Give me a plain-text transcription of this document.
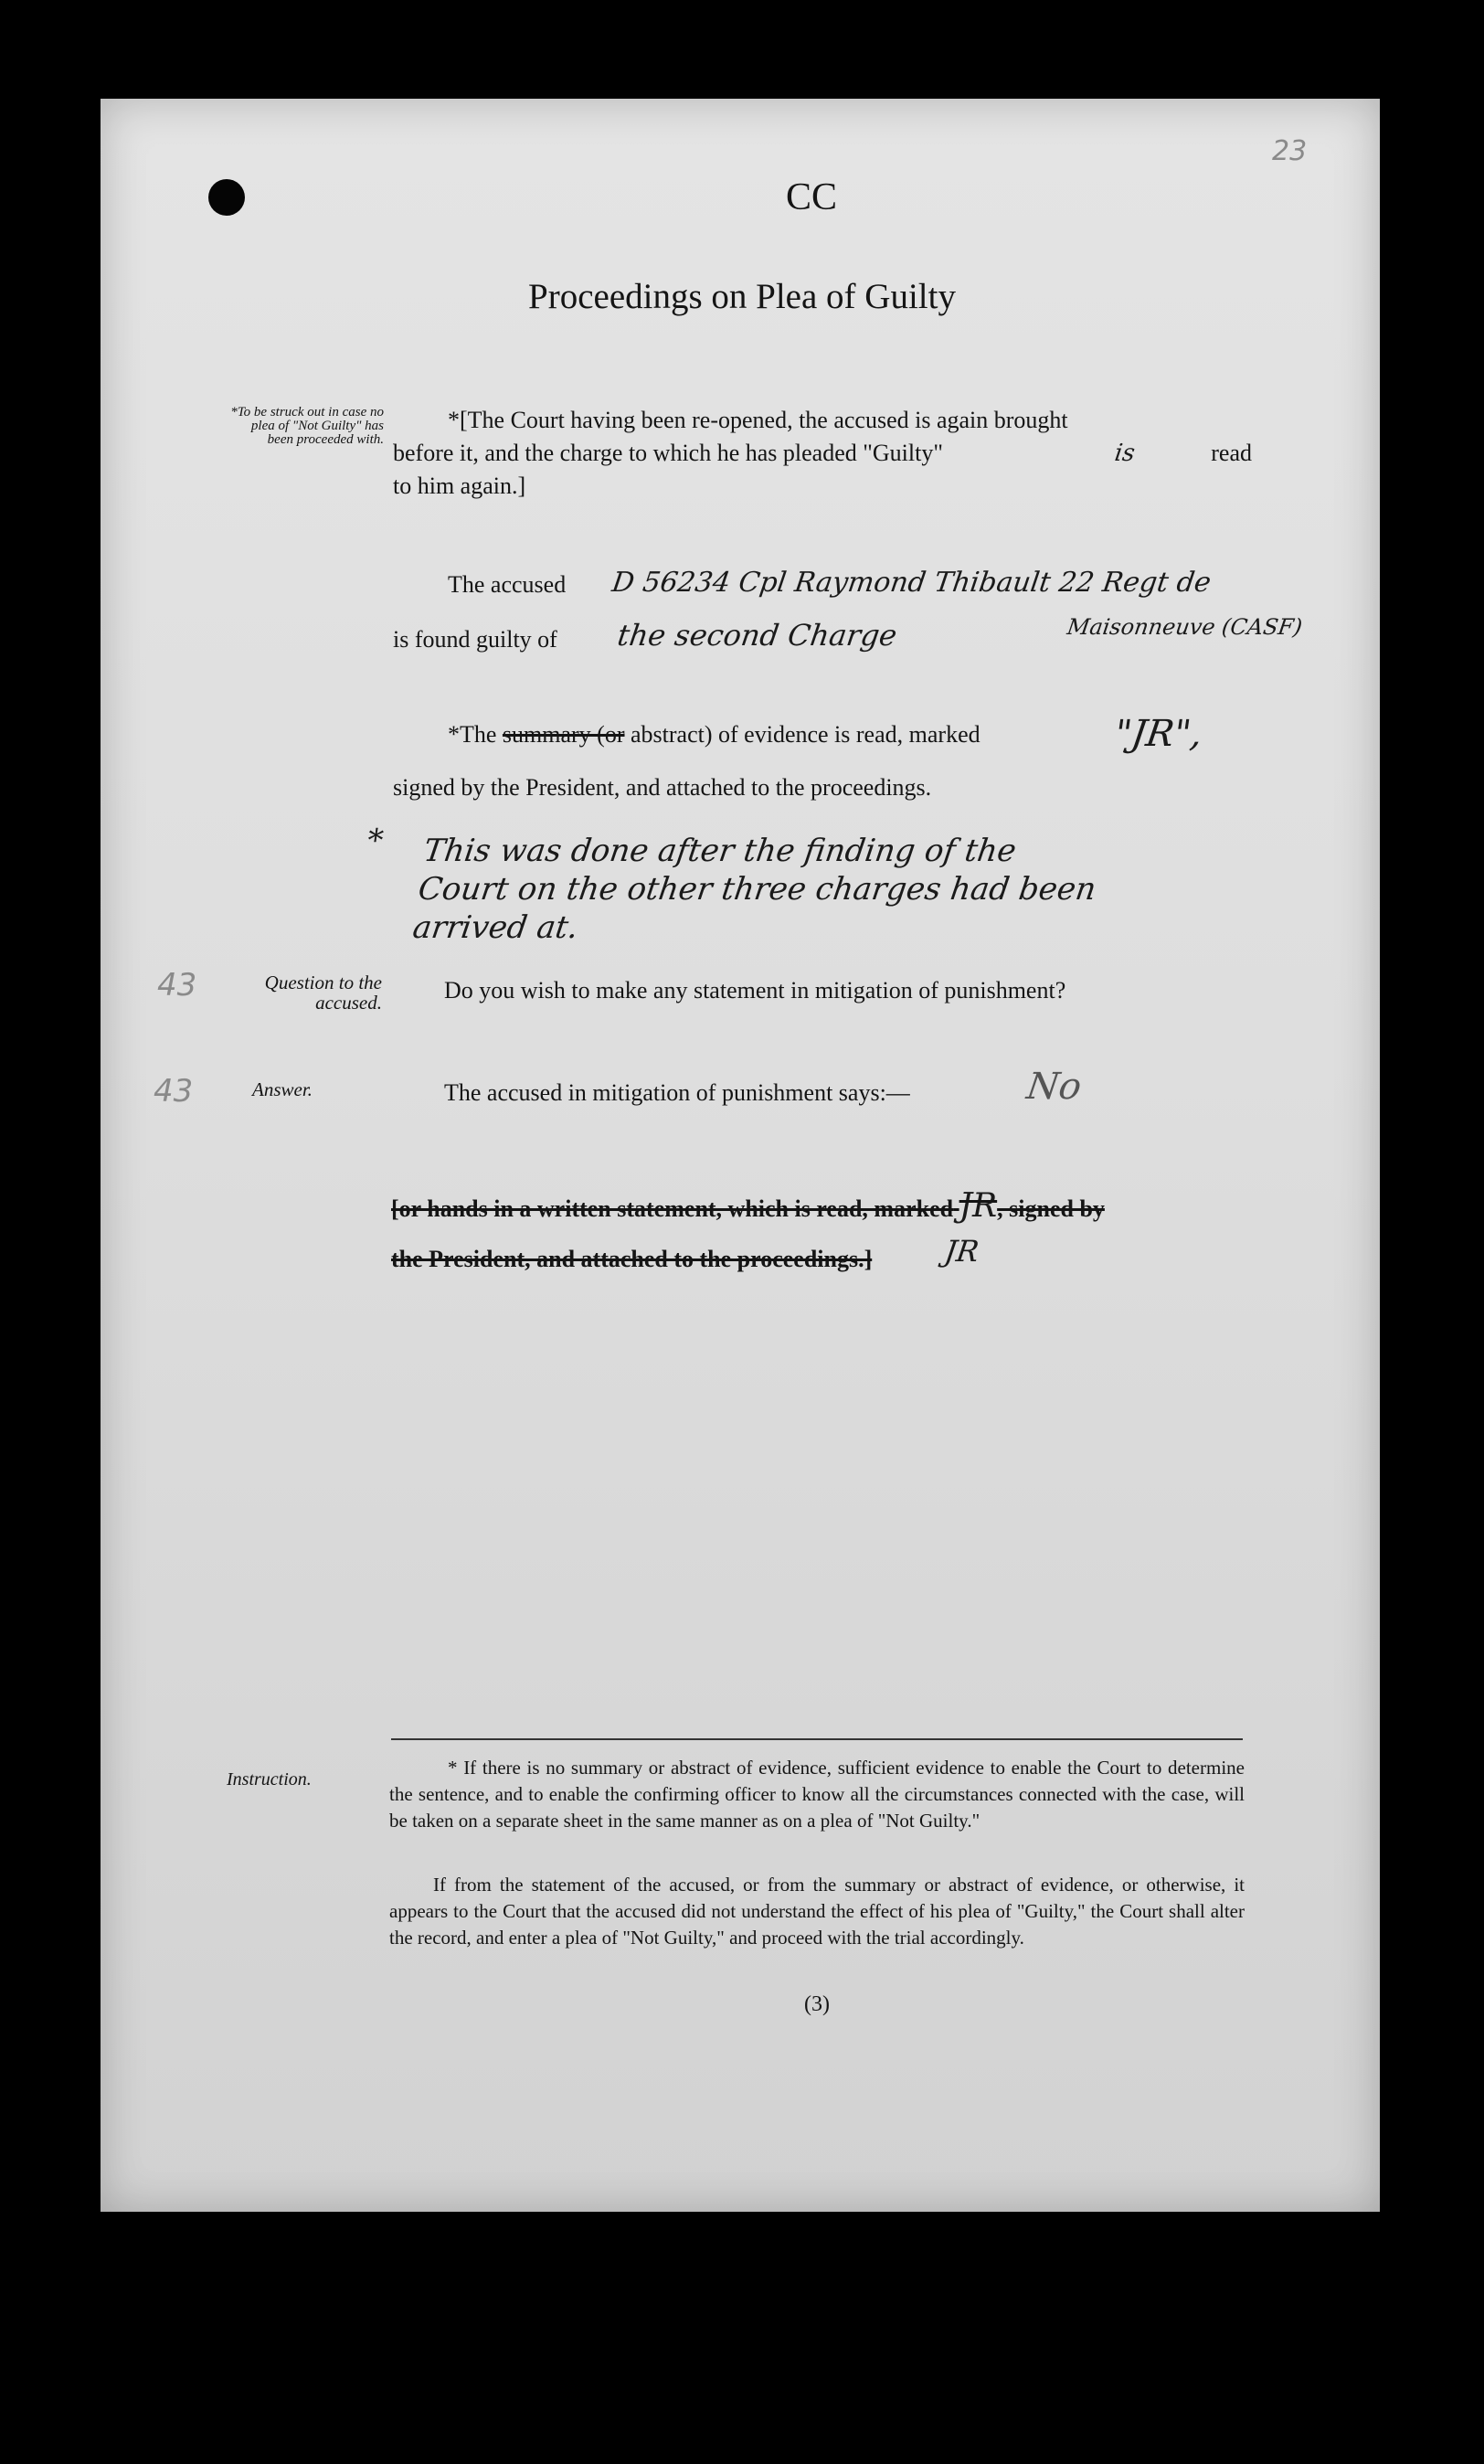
23
CC
Proceedings on Plea of Guilty
*To be struck out in case no plea of "Not Guilty" has been proceeded with.
*[The Court having been re-opened, the accused is again brought
before it, and the charge to which he has pleaded "Guilty"	is	read
to him again.]
The accused D 56234 Cpl Raymond Thibault 22 Regt de
Maisonneuve (CASF)
is found guilty of the second Charge
*The summary (or abstract) of evidence is read, marked	"JR",
signed by the President, and attached to the proceedings.
* This was done after the finding of the
Court on the other three charges had been
arrived at.
43	Question to the
accused.	Do you wish to make any statement in mitigation of punishment?
43	Answer.	The accused in mitigation of punishment says:—	No
[or hands in a written statement, which is read, marked JR, signed by
the President, and attached to the proceedings.] JR
Instruction.
* If there is no summary or abstract of evidence, sufficient evidence to enable the Court to determine the sentence, and to enable the confirming officer to know all the circumstances connected with the case, will be taken on a separate sheet in the same manner as on a plea of "Not Guilty."
If from the statement of the accused, or from the summary or abstract of evidence, or otherwise, it appears to the Court that the accused did not understand the effect of his plea of "Guilty," the Court shall alter the record, and enter a plea of "Not Guilty," and proceed with the trial accordingly.
(3)
